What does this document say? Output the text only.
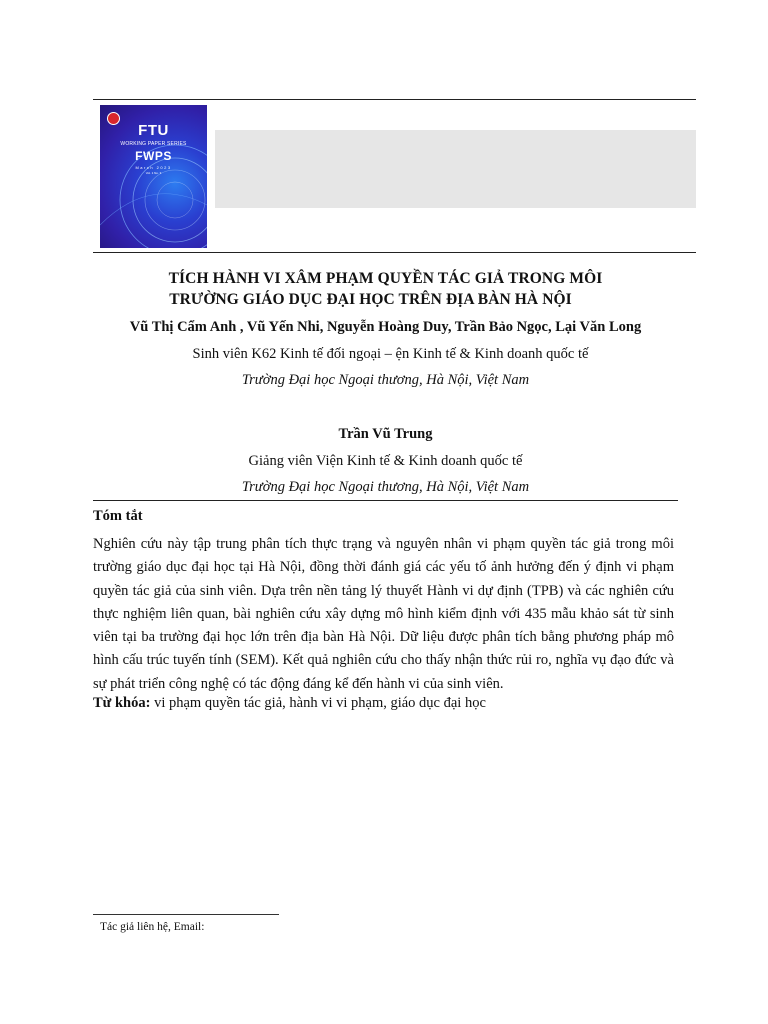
FTU
WORKING PAPER SERIES
FWPS
March 2023
Vol. 1 No. 3
TÍCH HÀNH VI XÂM PHẠM QUYỀN TÁC GIẢ TRONG MÔI
TRƯỜNG GIÁO DỤC ĐẠI HỌC TRÊN ĐỊA BÀN HÀ NỘI
Vũ Thị Cẩm Anh , Vũ Yến Nhi, Nguyễn Hoàng Duy, Trần Bảo Ngọc, Lại Văn Long
Sinh viên K62 Kinh tế đối ngoại – ện Kinh tế & Kinh doanh quốc tế
Trường Đại học Ngoại thương, Hà Nội, Việt Nam
Trần Vũ Trung
Giảng viên Viện Kinh tế & Kinh doanh quốc tế
Trường Đại học Ngoại thương, Hà Nội, Việt Nam
Tóm tắt

Nghiên cứu này tập trung phân tích thực trạng và nguyên nhân vi phạm quyền tác giả trong môi trường giáo dục đại học tại Hà Nội, đồng thời đánh giá các yếu tố ảnh hưởng đến ý định vi phạm quyền tác giả của sinh viên. Dựa trên nền tảng lý thuyết Hành vi dự định (TPB) và các nghiên cứu thực nghiệm liên quan, bài nghiên cứu xây dựng mô hình kiểm định với 435 mẫu khảo sát từ sinh viên tại ba trường đại học lớn trên địa bàn Hà Nội. Dữ liệu được phân tích bằng phương pháp mô hình cấu trúc tuyến tính (SEM). Kết quả nghiên cứu cho thấy nhận thức rủi ro, nghĩa vụ đạo đức và sự phát triển công nghệ có tác động đáng kể đến hành vi của sinh viên.

Từ khóa: vi phạm quyền tác giả, hành vi vi phạm, giáo dục đại học
Tác giả liên hệ, Email:
